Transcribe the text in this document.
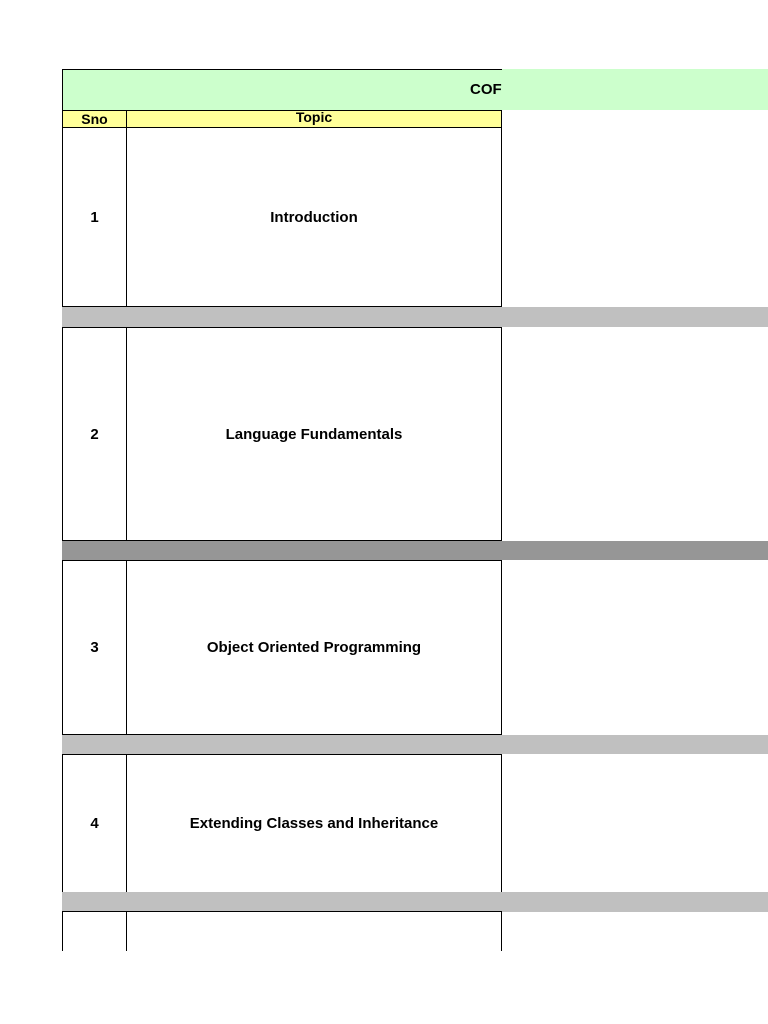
COF
Sno	Topic
1	Introduction
2	Language Fundamentals
3	Object Oriented Programming
4	Extending Classes and Inheritance
